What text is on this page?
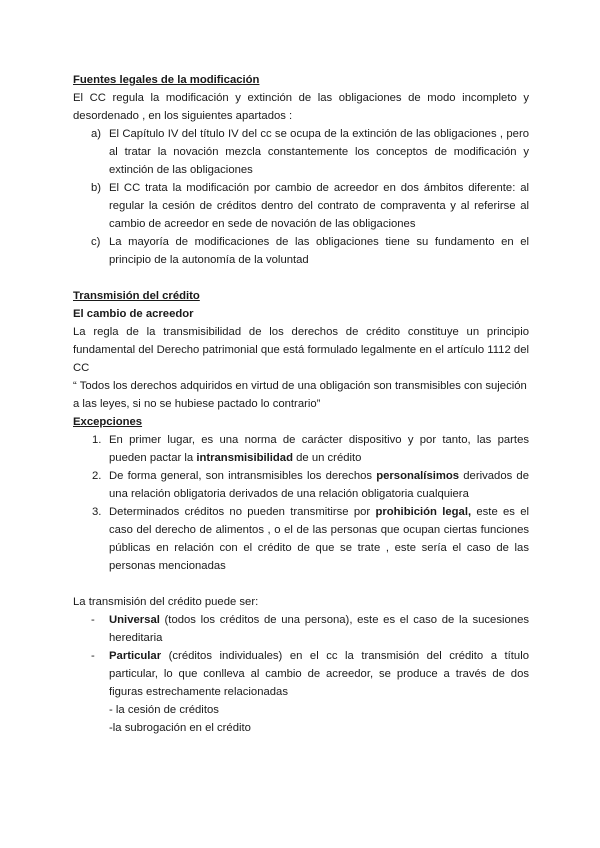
Fuentes legales de la modificación

El CC regula la modificación y extinción de las obligaciones de modo incompleto y desordenado , en los siguientes apartados :

a) El Capítulo IV del título IV del cc se ocupa de la extinción de las obligaciones , pero al tratar la novación mezcla constantemente los conceptos de modificación y extinción de las obligaciones
b) El CC trata la modificación por cambio de acreedor en dos ámbitos diferente: al regular la cesión de créditos dentro del contrato de compraventa y al referirse al cambio de acreedor en sede de novación de las obligaciones
c) La mayoría de modificaciones de las obligaciones tiene su fundamento en el principio de la autonomía de la voluntad

Transmisión del crédito

El cambio de acreedor

La regla de la transmisibilidad de los derechos de crédito constituye un principio fundamental del Derecho patrimonial que está formulado legalmente en el artículo 1112 del CC

“ Todos los derechos adquiridos en virtud de una obligación son transmisibles con sujeción a las leyes, si no se hubiese pactado lo contrario”

Excepciones

1. En primer lugar, es una norma de carácter dispositivo y por tanto, las partes pueden pactar la intransmisibilidad de un crédito
2. De forma general, son intransmisibles los derechos personalísimos derivados de una relación obligatoria derivados de una relación obligatoria cualquiera
3. Determinados créditos no pueden transmitirse por prohibición legal, este es el caso del derecho de alimentos , o el de las personas que ocupan ciertas funciones públicas en relación con el crédito de que se trate , este sería el caso de las personas mencionadas

La transmisión del crédito puede ser:

- Universal (todos los créditos de una persona), este es el caso de la sucesiones hereditaria
- Particular (créditos individuales) en el cc la transmisión del crédito a título particular, lo que conlleva al cambio de acreedor, se produce a través de dos figuras estrechamente relacionadas
- la cesión de créditos
-la subrogación en el crédito
